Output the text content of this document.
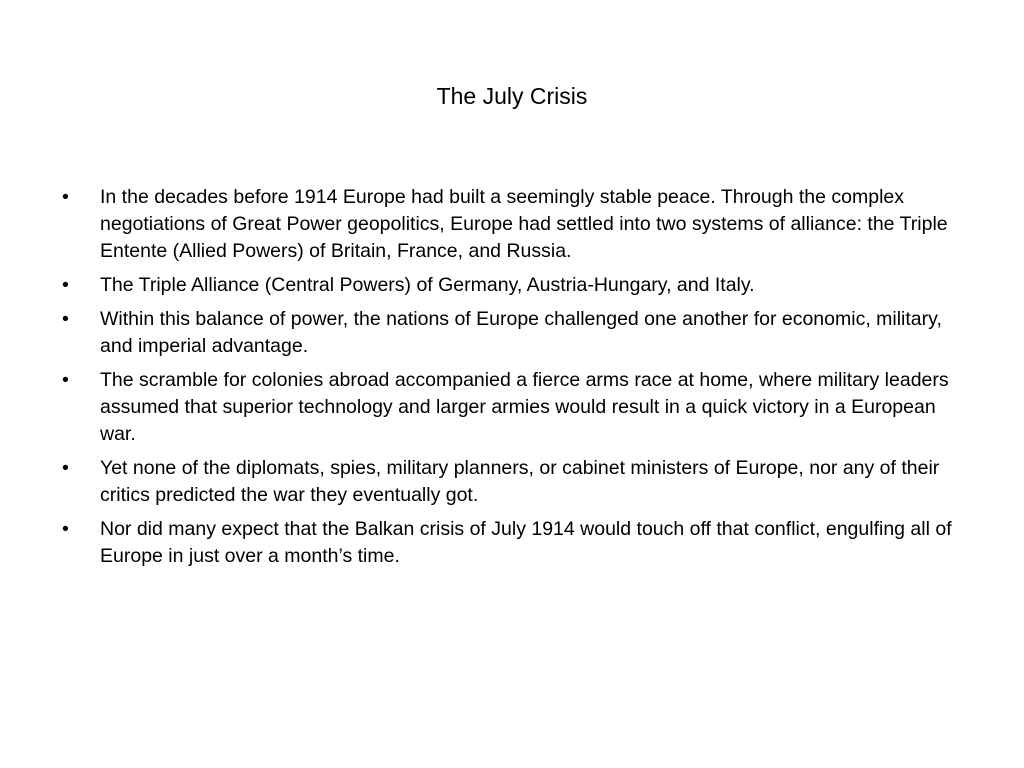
The July Crisis
•	In the decades before 1914 Europe had built a seemingly stable peace. Through the complex negotiations of Great Power geopolitics, Europe had settled into two systems of alliance: the Triple Entente (Allied Powers) of Britain, France, and Russia.
•	The Triple Alliance (Central Powers) of Germany, Austria-Hungary, and Italy.
•	Within this balance of power, the nations of Europe challenged one another for economic, military, and imperial advantage.
•	The scramble for colonies abroad accompanied a fierce arms race at home, where military leaders assumed that superior technology and larger armies would result in a quick victory in a European war.
•	Yet none of the diplomats, spies, military planners, or cabinet ministers of Europe, nor any of their critics predicted the war they eventually got.
•	Nor did many expect that the Balkan crisis of July 1914 would touch off that conflict, engulfing all of Europe in just over a month’s time.
